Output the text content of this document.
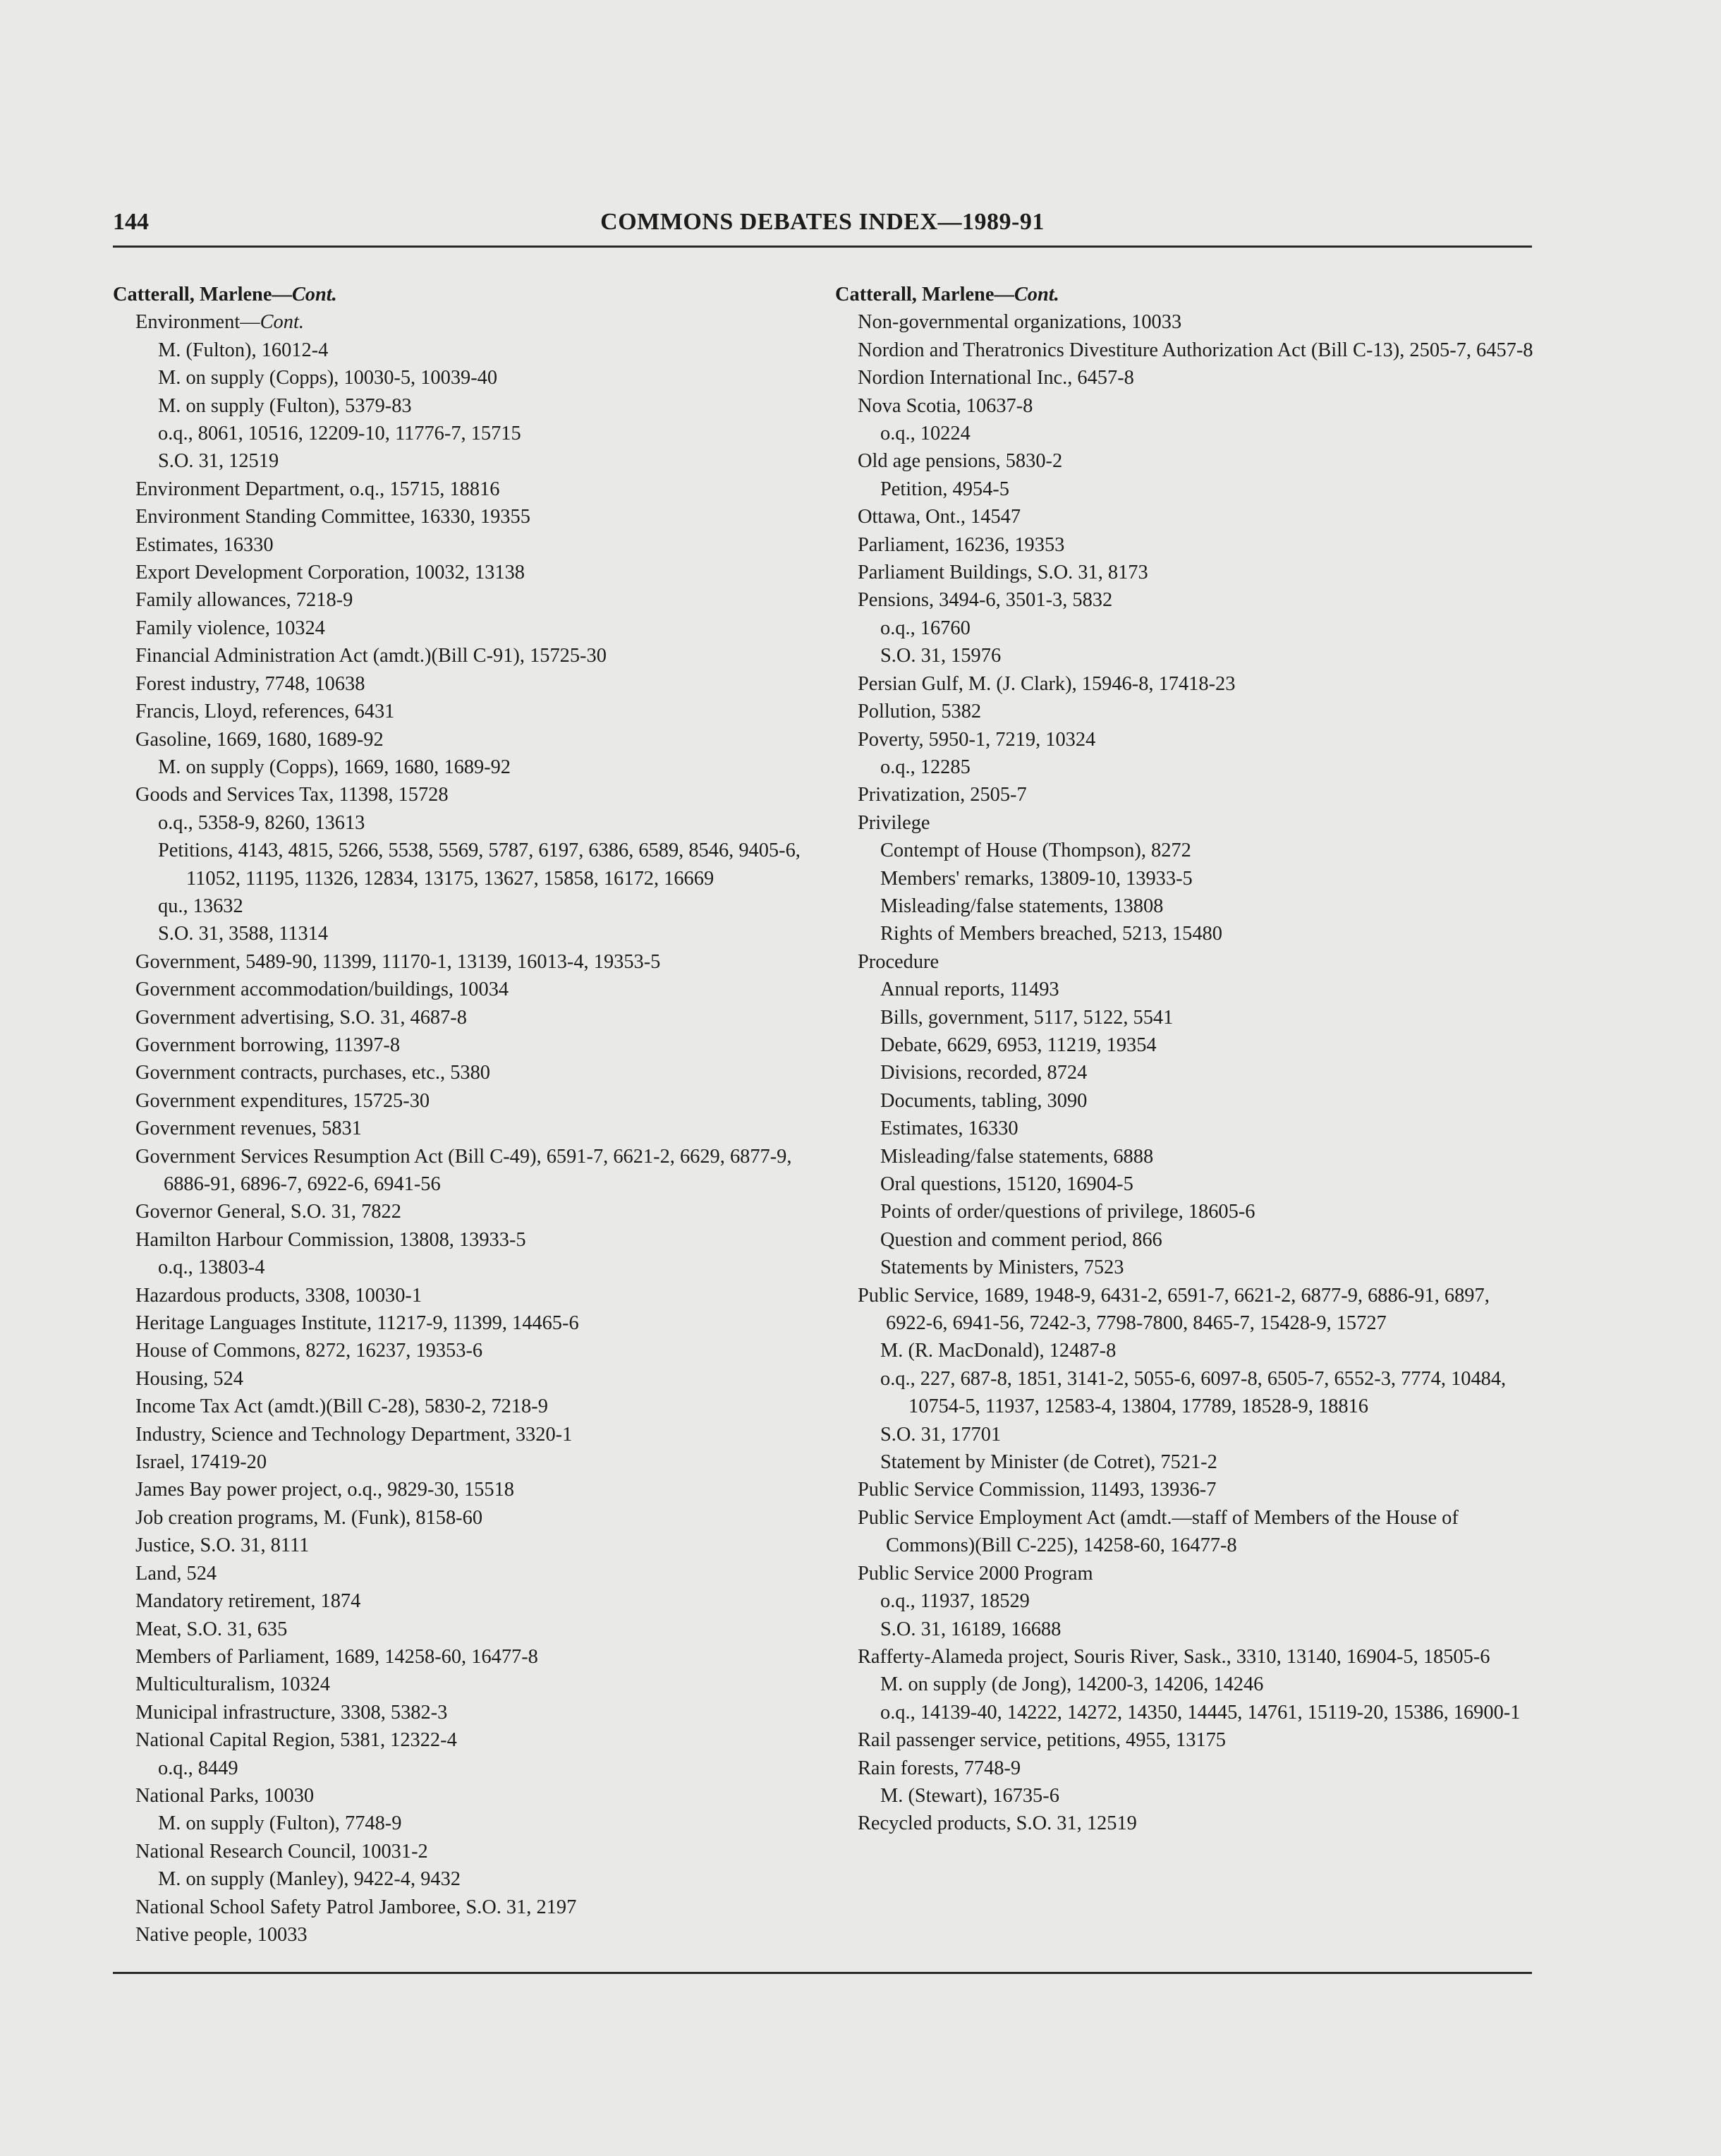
144	COMMONS DEBATES INDEX—1989-91
Catterall, Marlene—Cont.
Environment—Cont.
M. (Fulton), 16012-4
M. on supply (Copps), 10030-5, 10039-40
M. on supply (Fulton), 5379-83
o.q., 8061, 10516, 12209-10, 11776-7, 15715
S.O. 31, 12519
Environment Department, o.q., 15715, 18816
Environment Standing Committee, 16330, 19355
Estimates, 16330
Export Development Corporation, 10032, 13138
Family allowances, 7218-9
Family violence, 10324
Financial Administration Act (amdt.)(Bill C-91), 15725-30
Forest industry, 7748, 10638
Francis, Lloyd, references, 6431
Gasoline, 1669, 1680, 1689-92
M. on supply (Copps), 1669, 1680, 1689-92
Goods and Services Tax, 11398, 15728
o.q., 5358-9, 8260, 13613
Petitions, 4143, 4815, 5266, 5538, 5569, 5787, 6197, 6386, 6589, 8546, 9405-6, 11052, 11195, 11326, 12834, 13175, 13627, 15858, 16172, 16669
qu., 13632
S.O. 31, 3588, 11314
Government, 5489-90, 11399, 11170-1, 13139, 16013-4, 19353-5
Government accommodation/buildings, 10034
Government advertising, S.O. 31, 4687-8
Government borrowing, 11397-8
Government contracts, purchases, etc., 5380
Government expenditures, 15725-30
Government revenues, 5831
Government Services Resumption Act (Bill C-49), 6591-7, 6621-2, 6629, 6877-9, 6886-91, 6896-7, 6922-6, 6941-56
Governor General, S.O. 31, 7822
Hamilton Harbour Commission, 13808, 13933-5
o.q., 13803-4
Hazardous products, 3308, 10030-1
Heritage Languages Institute, 11217-9, 11399, 14465-6
House of Commons, 8272, 16237, 19353-6
Housing, 524
Income Tax Act (amdt.)(Bill C-28), 5830-2, 7218-9
Industry, Science and Technology Department, 3320-1
Israel, 17419-20
James Bay power project, o.q., 9829-30, 15518
Job creation programs, M. (Funk), 8158-60
Justice, S.O. 31, 8111
Land, 524
Mandatory retirement, 1874
Meat, S.O. 31, 635
Members of Parliament, 1689, 14258-60, 16477-8
Multiculturalism, 10324
Municipal infrastructure, 3308, 5382-3
National Capital Region, 5381, 12322-4
o.q., 8449
National Parks, 10030
M. on supply (Fulton), 7748-9
National Research Council, 10031-2
M. on supply (Manley), 9422-4, 9432
National School Safety Patrol Jamboree, S.O. 31, 2197
Native people, 10033
Catterall, Marlene—Cont.
Non-governmental organizations, 10033
Nordion and Theratronics Divestiture Authorization Act (Bill C-13), 2505-7, 6457-8
Nordion International Inc., 6457-8
Nova Scotia, 10637-8
o.q., 10224
Old age pensions, 5830-2
Petition, 4954-5
Ottawa, Ont., 14547
Parliament, 16236, 19353
Parliament Buildings, S.O. 31, 8173
Pensions, 3494-6, 3501-3, 5832
o.q., 16760
S.O. 31, 15976
Persian Gulf, M. (J. Clark), 15946-8, 17418-23
Pollution, 5382
Poverty, 5950-1, 7219, 10324
o.q., 12285
Privatization, 2505-7
Privilege
Contempt of House (Thompson), 8272
Members' remarks, 13809-10, 13933-5
Misleading/false statements, 13808
Rights of Members breached, 5213, 15480
Procedure
Annual reports, 11493
Bills, government, 5117, 5122, 5541
Debate, 6629, 6953, 11219, 19354
Divisions, recorded, 8724
Documents, tabling, 3090
Estimates, 16330
Misleading/false statements, 6888
Oral questions, 15120, 16904-5
Points of order/questions of privilege, 18605-6
Question and comment period, 866
Statements by Ministers, 7523
Public Service, 1689, 1948-9, 6431-2, 6591-7, 6621-2, 6877-9, 6886-91, 6897, 6922-6, 6941-56, 7242-3, 7798-7800, 8465-7, 15428-9, 15727
M. (R. MacDonald), 12487-8
o.q., 227, 687-8, 1851, 3141-2, 5055-6, 6097-8, 6505-7, 6552-3, 7774, 10484, 10754-5, 11937, 12583-4, 13804, 17789, 18528-9, 18816
S.O. 31, 17701
Statement by Minister (de Cotret), 7521-2
Public Service Commission, 11493, 13936-7
Public Service Employment Act (amdt.—staff of Members of the House of Commons)(Bill C-225), 14258-60, 16477-8
Public Service 2000 Program
o.q., 11937, 18529
S.O. 31, 16189, 16688
Rafferty-Alameda project, Souris River, Sask., 3310, 13140, 16904-5, 18505-6
M. on supply (de Jong), 14200-3, 14206, 14246
o.q., 14139-40, 14222, 14272, 14350, 14445, 14761, 15119-20, 15386, 16900-1
Rail passenger service, petitions, 4955, 13175
Rain forests, 7748-9
M. (Stewart), 16735-6
Recycled products, S.O. 31, 12519
